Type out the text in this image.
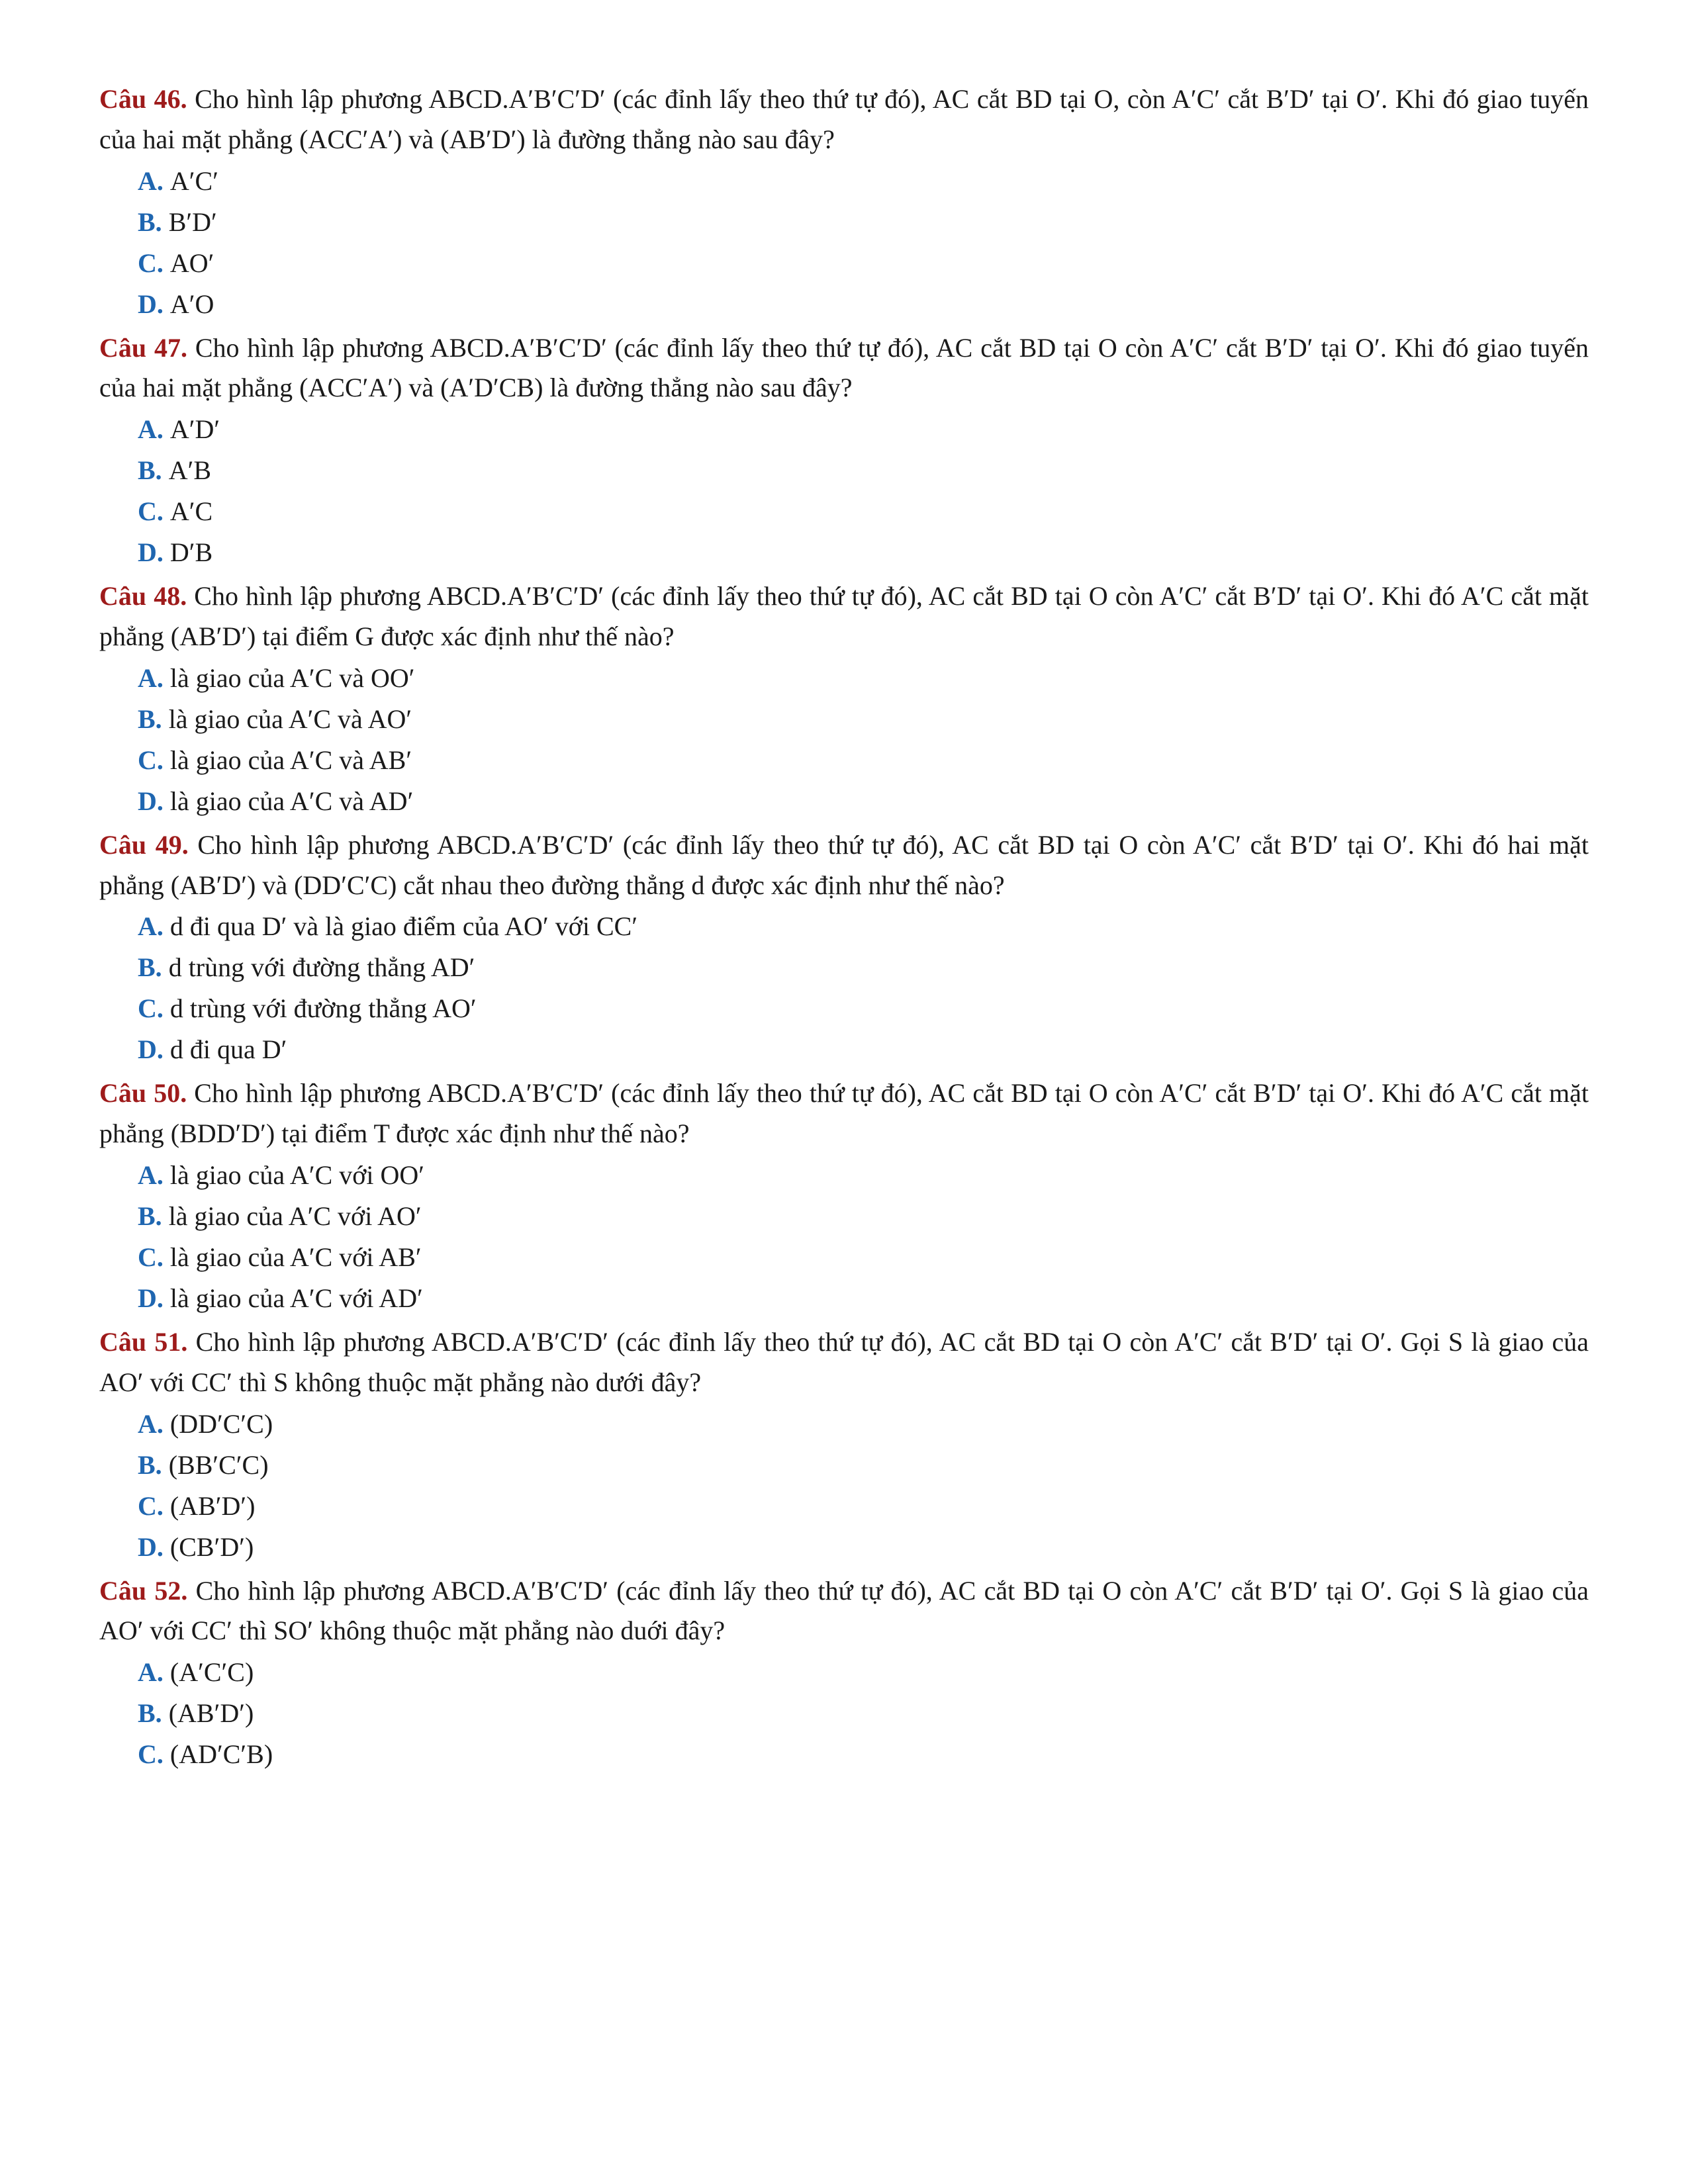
Câu 46. Cho hình lập phương ABCD.A′B′C′D′ (các đỉnh lấy theo thứ tự đó), AC cắt BD tại O, còn A′C′ cắt B′D′ tại O′. Khi đó giao tuyến của hai mặt phẳng (ACC′A′) và (AB′D′) là đường thẳng nào sau đây?

A. A′C′
B. B′D′
C. AO′
D. A′O

Câu 47. Cho hình lập phương ABCD.A′B′C′D′ (các đỉnh lấy theo thứ tự đó), AC cắt BD tại O còn A′C′ cắt B′D′ tại O′. Khi đó giao tuyến của hai mặt phẳng (ACC′A′) và (A′D′CB) là đường thẳng nào sau đây?

A. A′D′
B. A′B
C. A′C
D. D′B

Câu 48. Cho hình lập phương ABCD.A′B′C′D′ (các đỉnh lấy theo thứ tự đó), AC cắt BD tại O còn A′C′ cắt B′D′ tại O′. Khi đó A′C cắt mặt phẳng (AB′D′) tại điểm G được xác định như thế nào?

A. là giao của A′C và OO′
B. là giao của A′C và AO′
C. là giao của A′C và AB′
D. là giao của A′C và AD′

Câu 49. Cho hình lập phương ABCD.A′B′C′D′ (các đỉnh lấy theo thứ tự đó), AC cắt BD tại O còn A′C′ cắt B′D′ tại O′. Khi đó hai mặt phẳng (AB′D′) và (DD′C′C) cắt nhau theo đường thẳng d được xác định như thế nào?

A. d đi qua D′ và là giao điểm của AO′ với CC′
B. d trùng với đường thẳng AD′
C. d trùng với đường thẳng AO′
D. d đi qua D′

Câu 50. Cho hình lập phương ABCD.A′B′C′D′ (các đỉnh lấy theo thứ tự đó), AC cắt BD tại O còn A′C′ cắt B′D′ tại O′. Khi đó A′C cắt mặt phẳng (BDD′D′) tại điểm T được xác định như thế nào?

A. là giao của A′C với OO′
B. là giao của A′C với AO′
C. là giao của A′C với AB′
D. là giao của A′C với AD′

Câu 51. Cho hình lập phương ABCD.A′B′C′D′ (các đỉnh lấy theo thứ tự đó), AC cắt BD tại O còn A′C′ cắt B′D′ tại O′. Gọi S là giao của AO′ với CC′ thì S không thuộc mặt phẳng nào dưới đây?

A. (DD′C′C)
B. (BB′C′C)
C. (AB′D′)
D. (CB′D′)

Câu 52. Cho hình lập phương ABCD.A′B′C′D′ (các đỉnh lấy theo thứ tự đó), AC cắt BD tại O còn A′C′ cắt B′D′ tại O′. Gọi S là giao của AO′ với CC′ thì SO′ không thuộc mặt phẳng nào duới đây?

A. (A′C′C)
B. (AB′D′)
C. (AD′C′B)
